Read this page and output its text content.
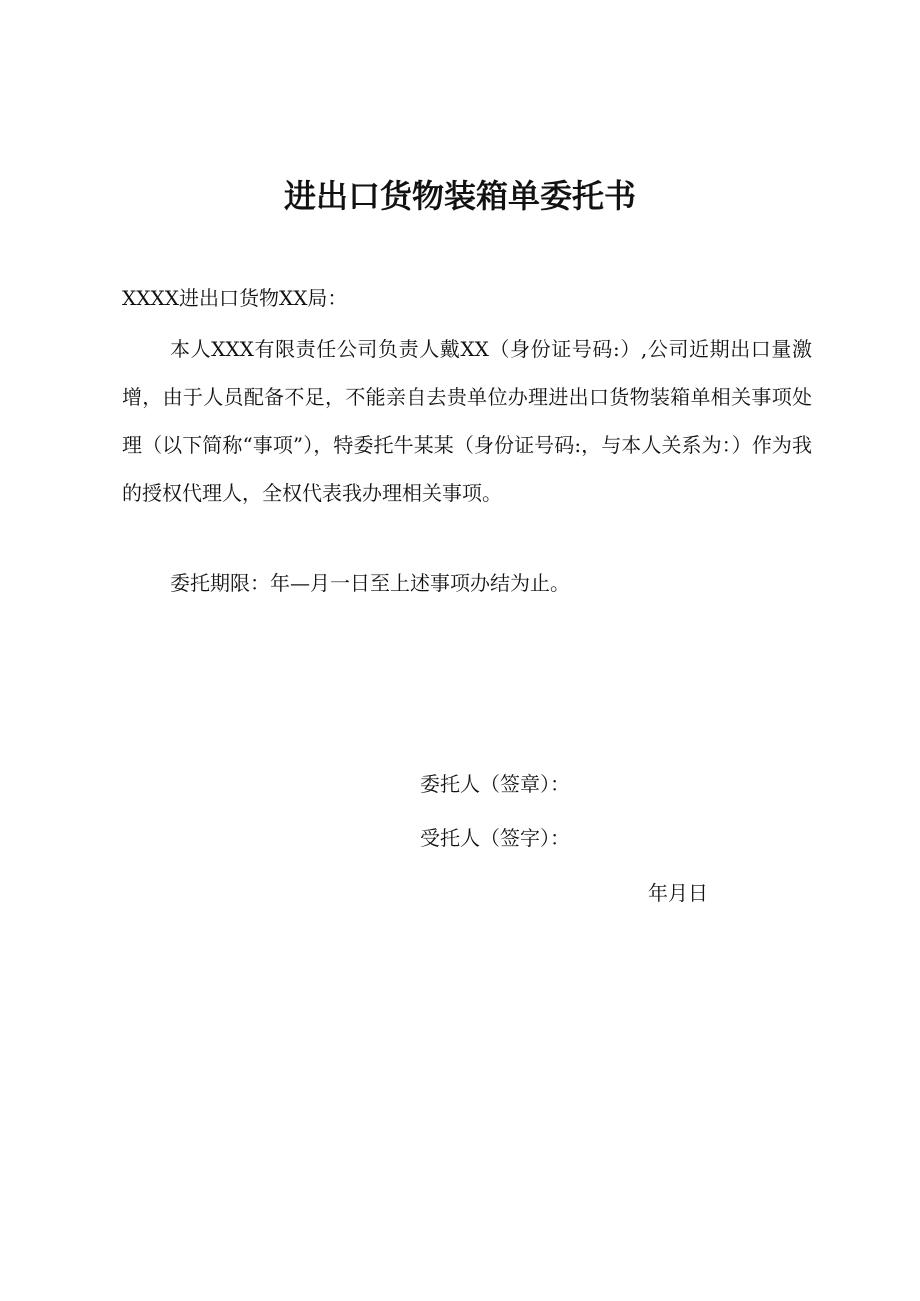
进出口货物装箱单委托书

XXXX进出口货物XX局：

本人XXX有限责任公司负责人戴XX（身份证号码:）,公司近期出口量激增，由于人员配备不足，不能亲自去贵单位办理进出口货物装箱单相关事项处理（以下简称“事项”），特委托牛某某（身份证号码:，与本人关系为：）作为我的授权代理人，全权代表我办理相关事项。

委托期限：年—月一日至上述事项办结为止。

委托人（签章）：

受托人（签字）：

年月日
